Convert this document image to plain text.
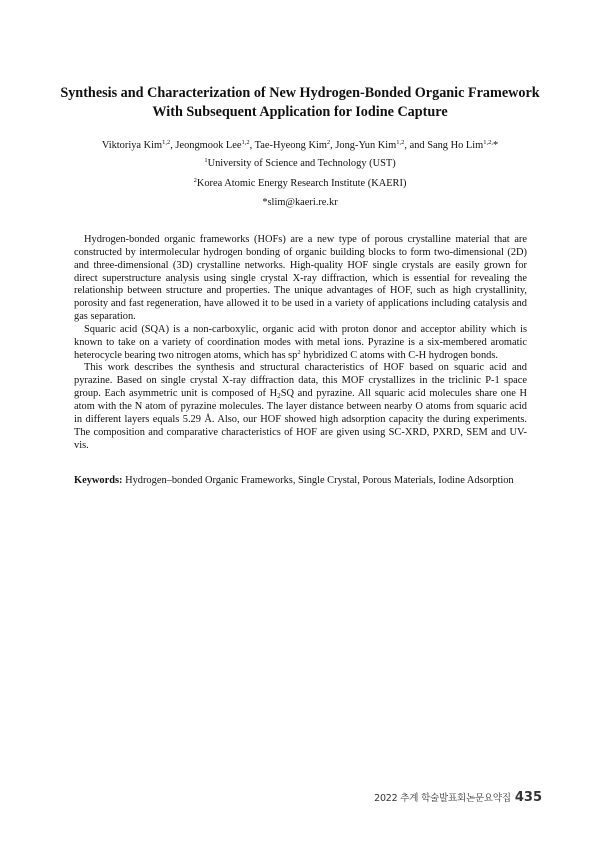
Synthesis and Characterization of New Hydrogen-Bonded Organic Framework
With Subsequent Application for Iodine Capture
Viktoriya Kim$^{1,2}$, Jeongmook Lee$^{1,2}$, Tae-Hyeong Kim$^2$, Jong-Yun Kim$^{1,2}$, and Sang Ho Lim$^{1,2,}$*
$^1$University of Science and Technology (UST)
$^2$Korea Atomic Energy Research Institute (KAERI)
*slim@kaeri.re.kr

Hydrogen-bonded organic frameworks (HOFs) are a new type of porous crystalline material that are constructed by intermolecular hydrogen bonding of organic building blocks to form two-dimensional (2D) and three-dimensional (3D) crystalline networks. High-quality HOF single crystals are easily grown for direct superstructure analysis using single crystal X-ray diffraction, which is essential for revealing the relationship between structure and properties. The unique advantages of HOF, such as high crystallinity, porosity and fast regeneration, have allowed it to be used in a variety of applications including catalysis and gas separation.

Squaric acid (SQA) is a non-carboxylic, organic acid with proton donor and acceptor ability which is known to take on a variety of coordination modes with metal ions. Pyrazine is a six-membered aromatic heterocycle bearing two nitrogen atoms, which has $sp^2$ hybridized C atoms with C-H hydrogen bonds.

This work describes the synthesis and structural characteristics of HOF based on squaric acid and pyrazine. Based on single crystal X-ray diffraction data, this MOF crystallizes in the triclinic P-1 space group. Each asymmetric unit is composed of $H_2SQ$ and pyrazine. All squaric acid molecules share one H atom with the N atom of pyrazine molecules. The layer distance between nearby O atoms from squaric acid in different layers equals 5.29 Å. Also, our HOF showed high adsorption capacity the during experiments. The composition and comparative characteristics of HOF are given using SC-XRD, PXRD, SEM and UV-vis.

Keywords: Hydrogen–bonded Organic Frameworks, Single Crystal, Porous Materials, Iodine Adsorption
2022 추계 학술발표회논문요약집 435
